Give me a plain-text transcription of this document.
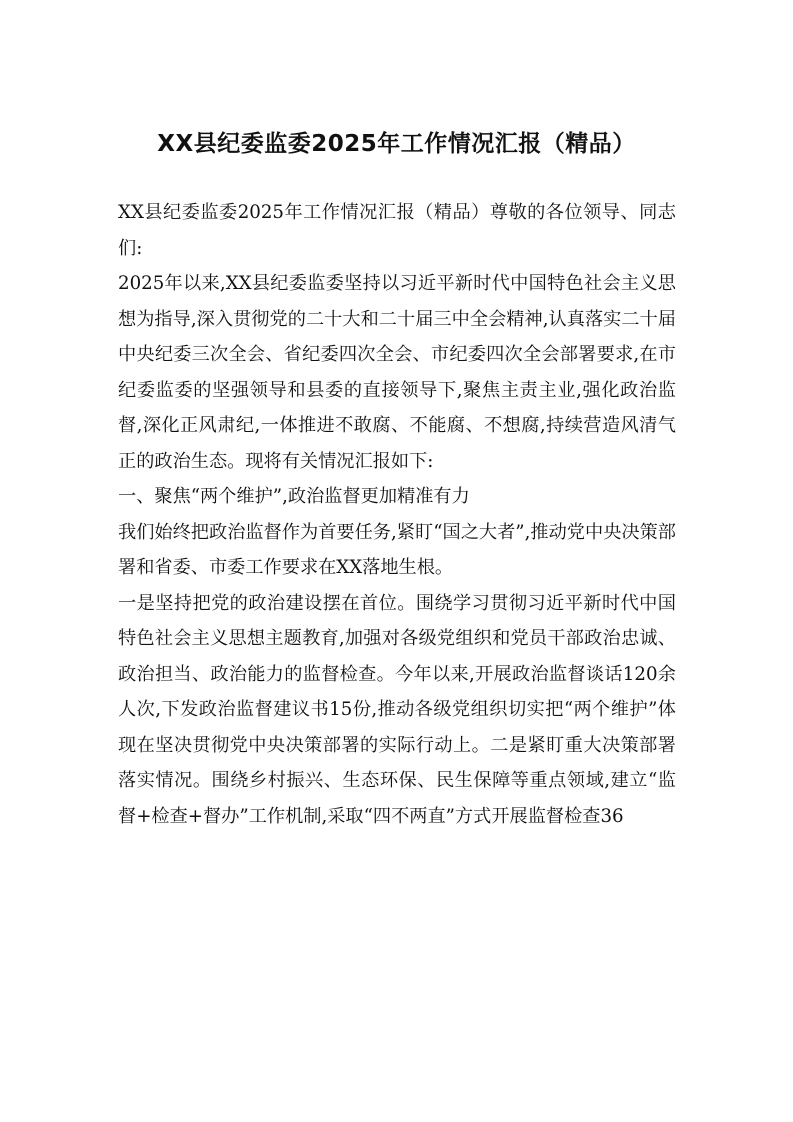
XX县纪委监委2025年工作情况汇报（精品）

XX县纪委监委2025年工作情况汇报（精品）尊敬的各位领导、同志们:

2025年以来,XX县纪委监委坚持以习近平新时代中国特色社会主义思想为指导,深入贯彻党的二十大和二十届三中全会精神,认真落实二十届中央纪委三次全会、省纪委四次全会、市纪委四次全会部署要求,在市纪委监委的坚强领导和县委的直接领导下,聚焦主责主业,强化政治监督,深化正风肃纪,一体推进不敢腐、不能腐、不想腐,持续营造风清气正的政治生态。现将有关情况汇报如下:

一、聚焦“两个维护”,政治监督更加精准有力

我们始终把政治监督作为首要任务,紧盯“国之大者”,推动党中央决策部署和省委、市委工作要求在XX落地生根。

一是坚持把党的政治建设摆在首位。围绕学习贯彻习近平新时代中国特色社会主义思想主题教育,加强对各级党组织和党员干部政治忠诚、政治担当、政治能力的监督检查。今年以来,开展政治监督谈话120余人次,下发政治监督建议书15份,推动各级党组织切实把“两个维护”体现在坚决贯彻党中央决策部署的实际行动上。二是紧盯重大决策部署落实情况。围绕乡村振兴、生态环保、民生保障等重点领域,建立“监督+检查+督办”工作机制,采取“四不两直”方式开展监督检查36
